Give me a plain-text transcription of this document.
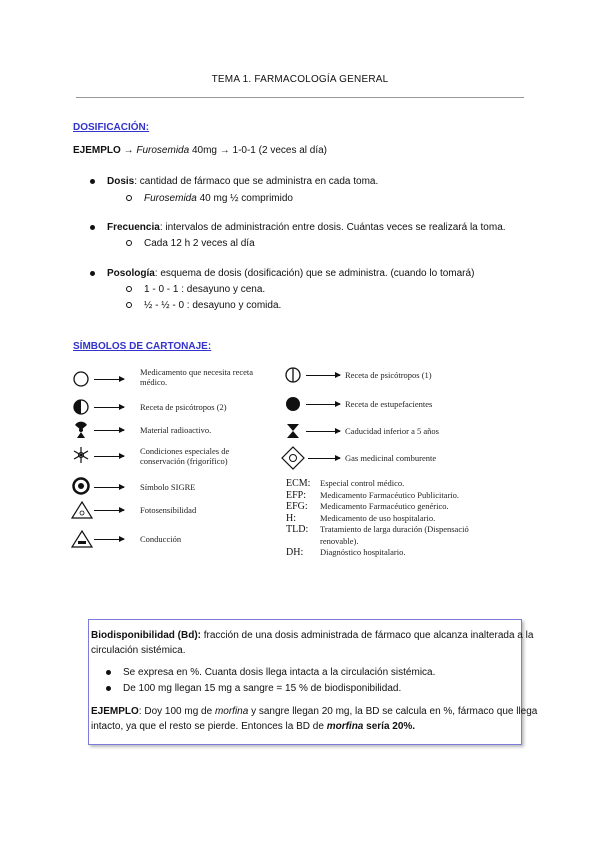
TEMA 1. FARMACOLOGÍA GENERAL
DOSIFICACIÓN:
EJEMPLO → Furosemida 40mg → 1-0-1 (2 veces al día)
Dosis: cantidad de fármaco que se administra en cada toma.
Furosemida 40 mg ½ comprimido
Frecuencia: intervalos de administración entre dosis. Cuántas veces se realizará la toma.
Cada 12 h 2 veces al día
Posología: esquema de dosis (dosificación) que se administra. (cuando lo tomará)
1 - 0 - 1 : desayuno y cena.
½ - ½ - 0 : desayuno y comida.
SÍMBOLOS DE CARTONAJE:
Medicamento que necesita receta
médico.
Receta de psicótropos (2)
Material radioactivo.
Condiciones especiales de
conservación (frigorífico)
Símbolo SIGRE
Fotosensibilidad
Conducción
Receta de psicótropos (1)
Receta de estupefacientes
Caducidad inferior a 5 años
Gas medicinal comburente
ECM: Especial control médico.
EFP: Medicamento Farmacéutico Publicitario.
EFG: Medicamento Farmacéutico genérico.
H:	Medicamento de uso hospitalario.
TLD: Tratamiento de larga duración (Dispensació
renovable).
DH: Diagnóstico hospitalario.
Biodisponibilidad (Bd): fracción de una dosis administrada de fármaco que alcanza inalterada a la
circulación sistémica.
Se expresa en %. Cuanta dosis llega intacta a la circulación sistémica.
De 100 mg llegan 15 mg a sangre = 15 % de biodisponibilidad.
EJEMPLO: Doy 100 mg de morfina y sangre llegan 20 mg, la BD se calcula en %, fármaco que llega
intacto, ya que el resto se pierde. Entonces la BD de morfina sería 20%.
